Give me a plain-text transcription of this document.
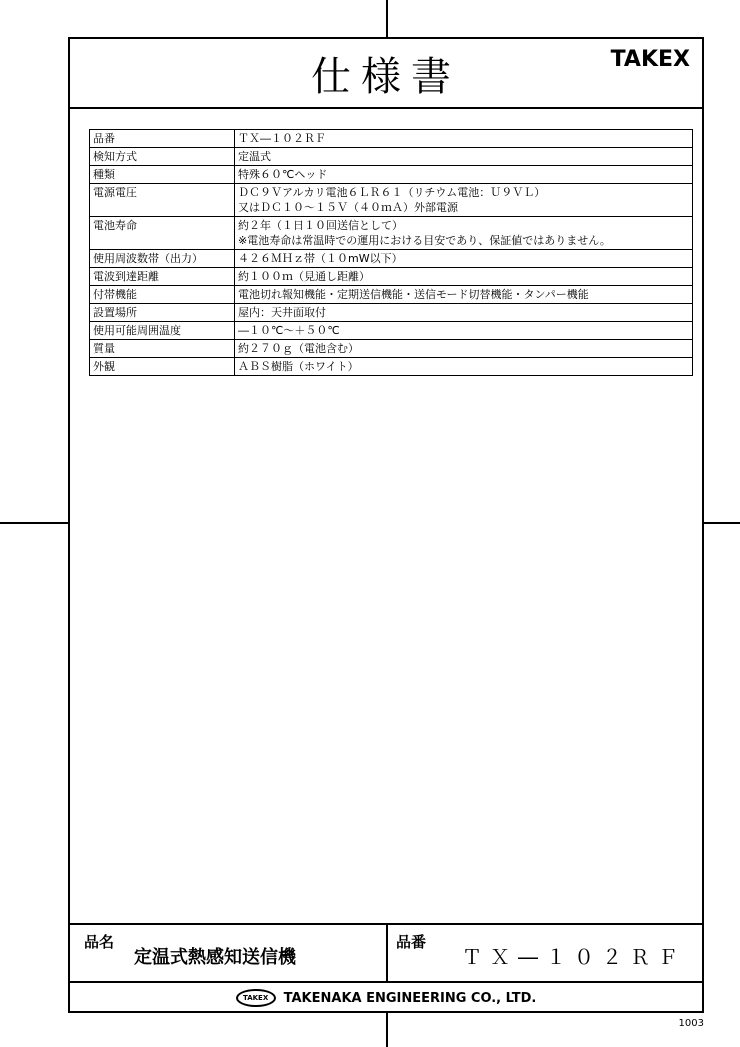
仕様書	TAKEX
品番	ＴＸ―１０２ＲＦ

検知方式	定温式

種類	特殊６０℃ヘッド

電源電圧	ＤＣ９Ｖアルカリ電池６ＬＲ６１（リチウム電池：Ｕ９ＶＬ）
又はＤＣ１０～１５Ｖ（４０ｍＡ）外部電源

電池寿命	約２年（１日１０回送信として）
※電池寿命は常温時での運用における目安であり、保証値ではありません。

使用周波数帯（出力）	４２６ＭＨｚ帯（１０mW以下）

電波到達距離	約１００ｍ（見通し距離）

付帯機能	電池切れ報知機能・定期送信機能・送信モード切替機能・タンパー機能

設置場所	屋内：天井面取付

使用可能周囲温度	―１０℃～＋５０℃

質量	約２７０ｇ（電池含む）

外観	ＡＢＳ樹脂（ホワイト）
品名
定温式熱感知送信機
品番
ＴＸ―１０２ＲＦ
TAKEX	TAKENAKA ENGINEERING CO., LTD.
1003
